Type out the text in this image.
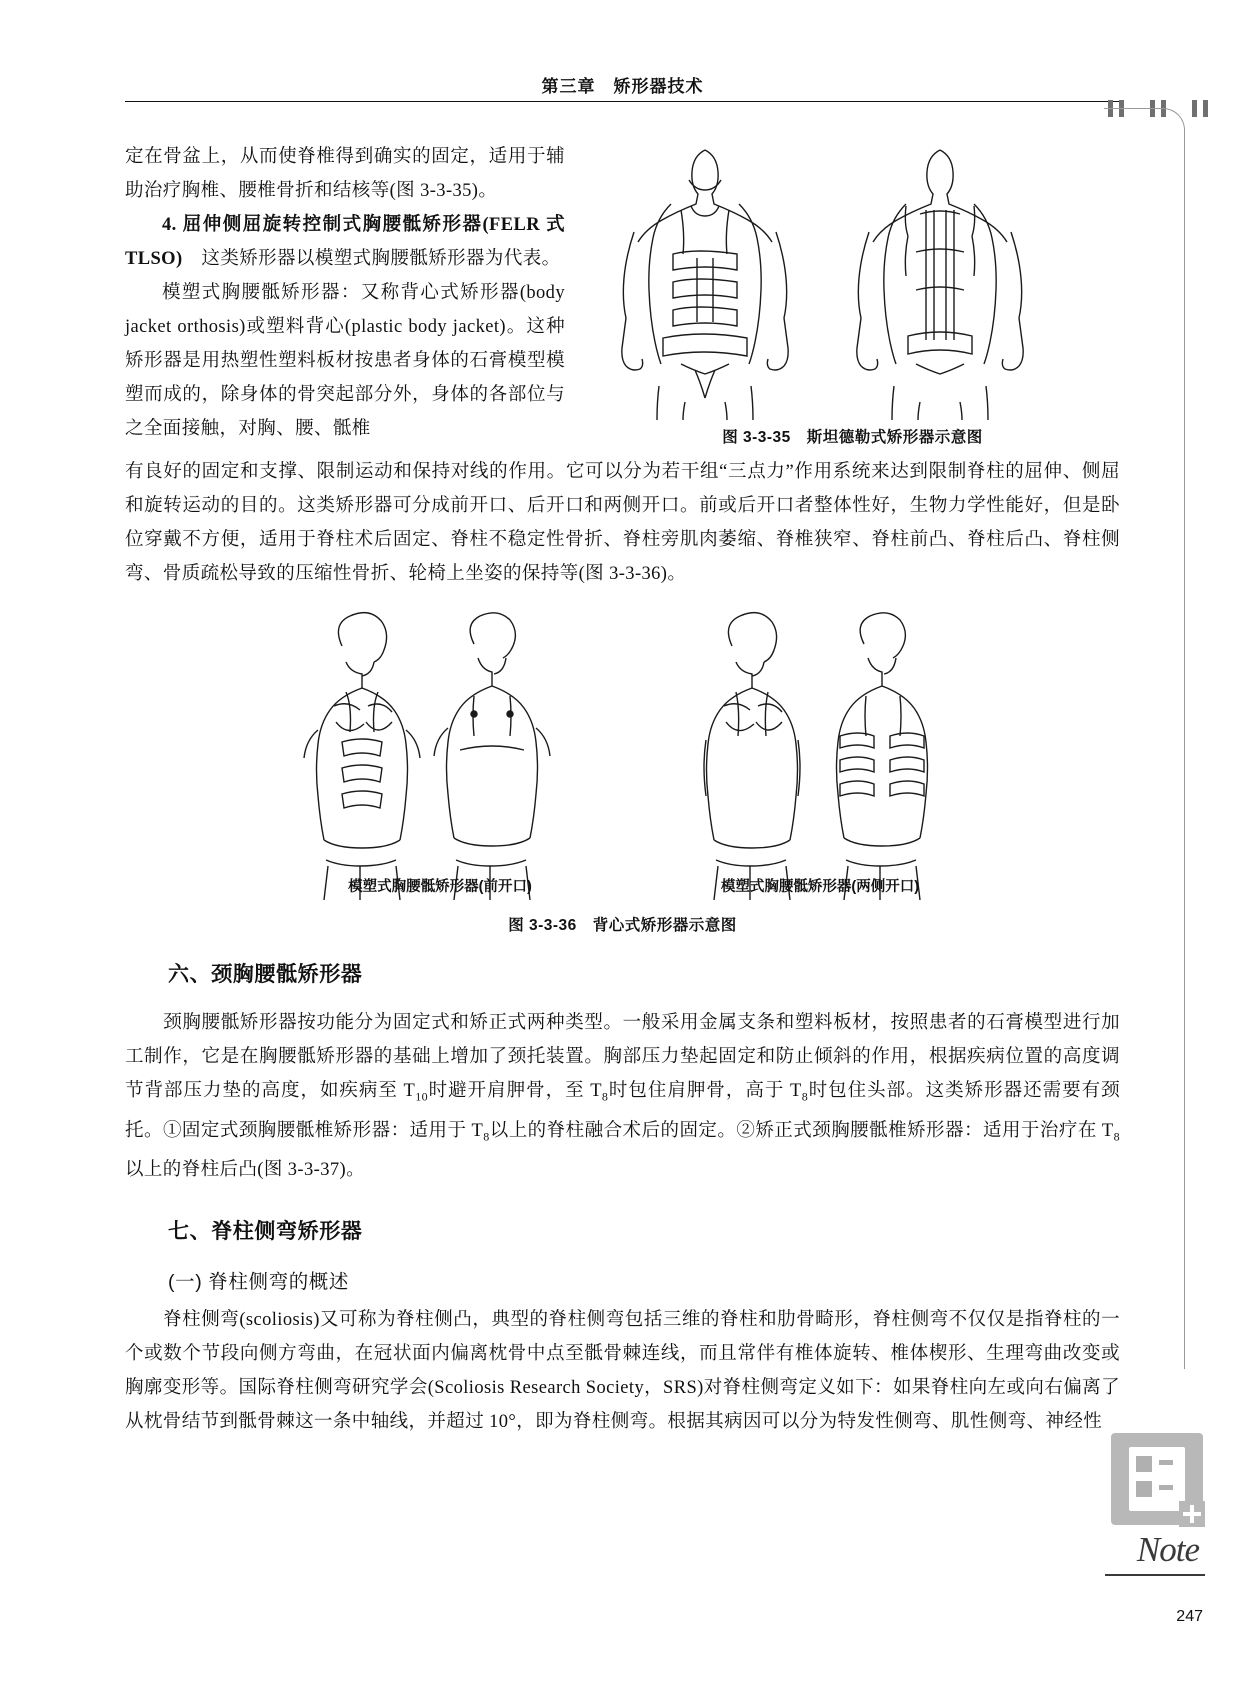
第三章　矫形器技术

定在骨盆上，从而使脊椎得到确实的固定，适用于辅助治疗胸椎、腰椎骨折和结核等(图 3-3-35)。

4. 屈伸侧屈旋转控制式胸腰骶矫形器(FELR 式 TLSO)　这类矫形器以模塑式胸腰骶矫形器为代表。

模塑式胸腰骶矫形器：又称背心式矫形器(body jacket orthosis)或塑料背心(plastic body jacket)。这种矫形器是用热塑性塑料板材按患者身体的石膏模型模塑而成的，除身体的骨突起部分外，身体的各部位与之全面接触，对胸、腰、骶椎	图 3-3-35　斯坦德勒式矫形器示意图
有良好的固定和支撑、限制运动和保持对线的作用。它可以分为若干组“三点力”作用系统来达到限制脊柱的屈伸、侧屈和旋转运动的目的。这类矫形器可分成前开口、后开口和两侧开口。前或后开口者整体性好，生物力学性能好，但是卧位穿戴不方便，适用于脊柱术后固定、脊柱不稳定性骨折、脊柱旁肌肉萎缩、脊椎狭窄、脊柱前凸、脊柱后凸、脊柱侧弯、骨质疏松导致的压缩性骨折、轮椅上坐姿的保持等(图 3-3-36)。
模塑式胸腰骶矫形器(前开口)	模塑式胸腰骶矫形器(两侧开口)
图 3-3-36　背心式矫形器示意图
六、颈胸腰骶矫形器
　　颈胸腰骶矫形器按功能分为固定式和矫正式两种类型。一般采用金属支条和塑料板材，按照患者的石膏模型进行加工制作，它是在胸腰骶矫形器的基础上增加了颈托装置。胸部压力垫起固定和防止倾斜的作用，根据疾病位置的高度调节背部压力垫的高度，如疾病至 $T_{10}$时避开肩胛骨，至 $T_8$时包住肩胛骨，高于 $T_8$时包住头部。这类矫形器还需要有颈托。①固定式颈胸腰骶椎矫形器：适用于 $T_8$以上的脊柱融合术后的固定。②矫正式颈胸腰骶椎矫形器：适用于治疗在 $T_8$以上的脊柱后凸(图 3-3-37)。
七、脊柱侧弯矫形器
(一) 脊柱侧弯的概述
　　脊柱侧弯(scoliosis)又可称为脊柱侧凸，典型的脊柱侧弯包括三维的脊柱和肋骨畸形，脊柱侧弯不仅仅是指脊柱的一个或数个节段向侧方弯曲，在冠状面内偏离枕骨中点至骶骨棘连线，而且常伴有椎体旋转、椎体楔形、生理弯曲改变或胸廓变形等。国际脊柱侧弯研究学会(Scoliosis Research Society，SRS)对脊柱侧弯定义如下：如果脊柱向左或向右偏离了从枕骨结节到骶骨棘这一条中轴线，并超过 10°，即为脊柱侧弯。根据其病因可以分为特发性侧弯、肌性侧弯、神经性
Note
247
